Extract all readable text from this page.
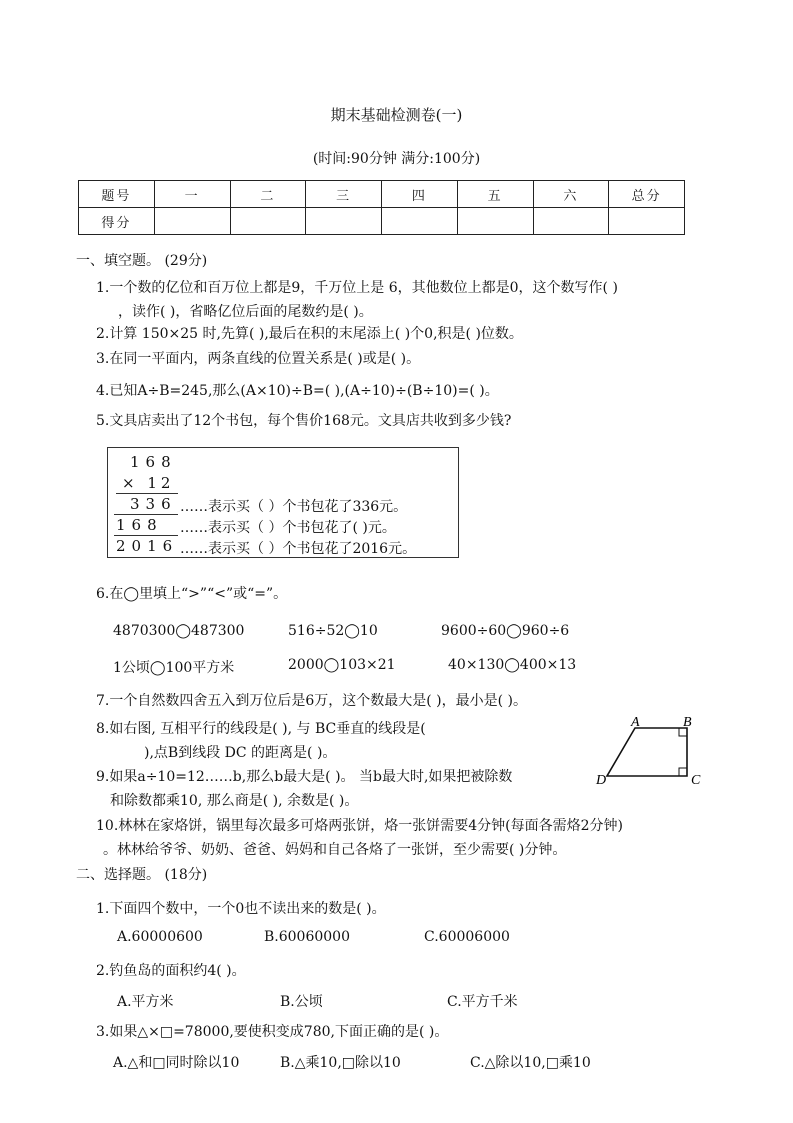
期末基础检测卷(一)
(时间:90分钟 满分:100分)
题号	一	二	三	四	五	六	总分
得分							
一、填空题。 (29分)
1.一个数的亿位和百万位上都是9，千万位上是 6，其他数位上都是0，这个数写作( )
，读作( )，省略亿位后面的尾数约是( )。
2.计算 150×25 时,先算( ),最后在积的末尾添上( )个0,积是( )位数。
3.在同一平面内，两条直线的位置关系是( )或是( )。
4.已知A÷B=245,那么(A×10)÷B=( ),(A÷10)÷(B÷10)=( )。
5.文具店卖出了12个书包，每个售价168元。文具店共收到多少钱?
168
× 12
336 ……表示买（ ）个书包花了336元。
168 ……表示买（ ）个书包花了( )元。
2016 ……表示买（ ）个书包花了2016元。
6.在◯里填上“>”“<”或“=”。
4870300◯487300	516÷52◯10	9600÷60◯960÷6
1公顷◯100平方米	2000◯103×21	40×130◯400×13
7.一个自然数四舍五入到万位后是6万，这个数最大是( )，最小是( )。
8.如右图, 互相平行的线段是( ), 与 BC垂直的线段是(
),点B到线段 DC 的距离是( )。
9.如果a÷10=12……b,那么b最大是( )。 当b最大时,如果把被除数
和除数都乘10, 那么商是( ), 余数是( )。
10.林林在家烙饼，锅里每次最多可烙两张饼，烙一张饼需要4分钟(每面各需烙2分钟)
。林林给爷爷、奶奶、爸爸、妈妈和自己各烙了一张饼，至少需要( )分钟。
A	B
C
D
二、选择题。 (18分)
1.下面四个数中，一个0也不读出来的数是( )。
A.60000600	B.60060000	C.60006000
2.钓鱼岛的面积约4( )。
A.平方米	B.公顷	C.平方千米
3.如果△×□=78000,要使积变成780,下面正确的是( )。
A.△和□同时除以10	B.△乘10,□除以10	C.△除以10,□乘10
